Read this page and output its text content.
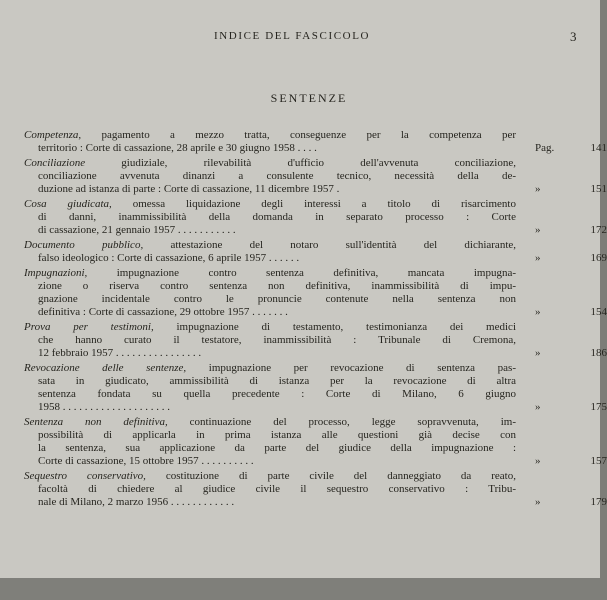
INDICE DEL FASCICOLO	3
SENTENZE
Competenza, pagamento a mezzo tratta, conseguenze per la competenza per
territorio : Corte di cassazione, 28 aprile e 30 giugno 1958 . . . .	Pag.	141
Conciliazione giudiziale, rilevabilità d'ufficio dell'avvenuta conciliazione,
conciliazione avvenuta dinanzi a consulente tecnico, necessità della de-
duzione ad istanza di parte : Corte di cassazione, 11 dicembre 1957 .	»	151
Cosa giudicata, omessa liquidazione degli interessi a titolo di risarcimento
di danni, inammissibilità della domanda in separato processo : Corte
di cassazione, 21 gennaio 1957 . . . . . . . . . . .	»	172
Documento pubblico, attestazione del notaro sull'identità del dichiarante,
falso ideologico : Corte di cassazione, 6 aprile 1957 . . . . . .	»	169
Impugnazioni, impugnazione contro sentenza definitiva, mancata impugna-
zione o riserva contro sentenza non definitiva, inammissibilità di impu-
gnazione incidentale contro le pronuncie contenute nella sentenza non
definitiva : Corte di cassazione, 29 ottobre 1957 . . . . . . .	»	154
Prova per testimoni, impugnazione di testamento, testimonianza dei medici
che hanno curato il testatore, inammissibilità : Tribunale di Cremona,
12 febbraio 1957 . . . . . . . . . . . . . . . .	»	186
Revocazione delle sentenze, impugnazione per revocazione di sentenza pas-
sata in giudicato, ammissibilità di istanza per la revocazione di altra
sentenza fondata su quella precedente : Corte di Milano, 6 giugno
1958 . . . . . . . . . . . . . . . . . . . .	»	175
Sentenza non definitiva, continuazione del processo, legge sopravvenuta, im-
possibilità di applicarla in prima istanza alle questioni già decise con
la sentenza, sua applicazione da parte del giudice della impugnazione :
Corte di cassazione, 15 ottobre 1957 . . . . . . . . . .	»	157
Sequestro conservativo, costituzione di parte civile del danneggiato da reato,
facoltà di chiedere al giudice civile il sequestro conservativo : Tribu-
nale di Milano, 2 marzo 1956 . . . . . . . . . . . .	»	179
